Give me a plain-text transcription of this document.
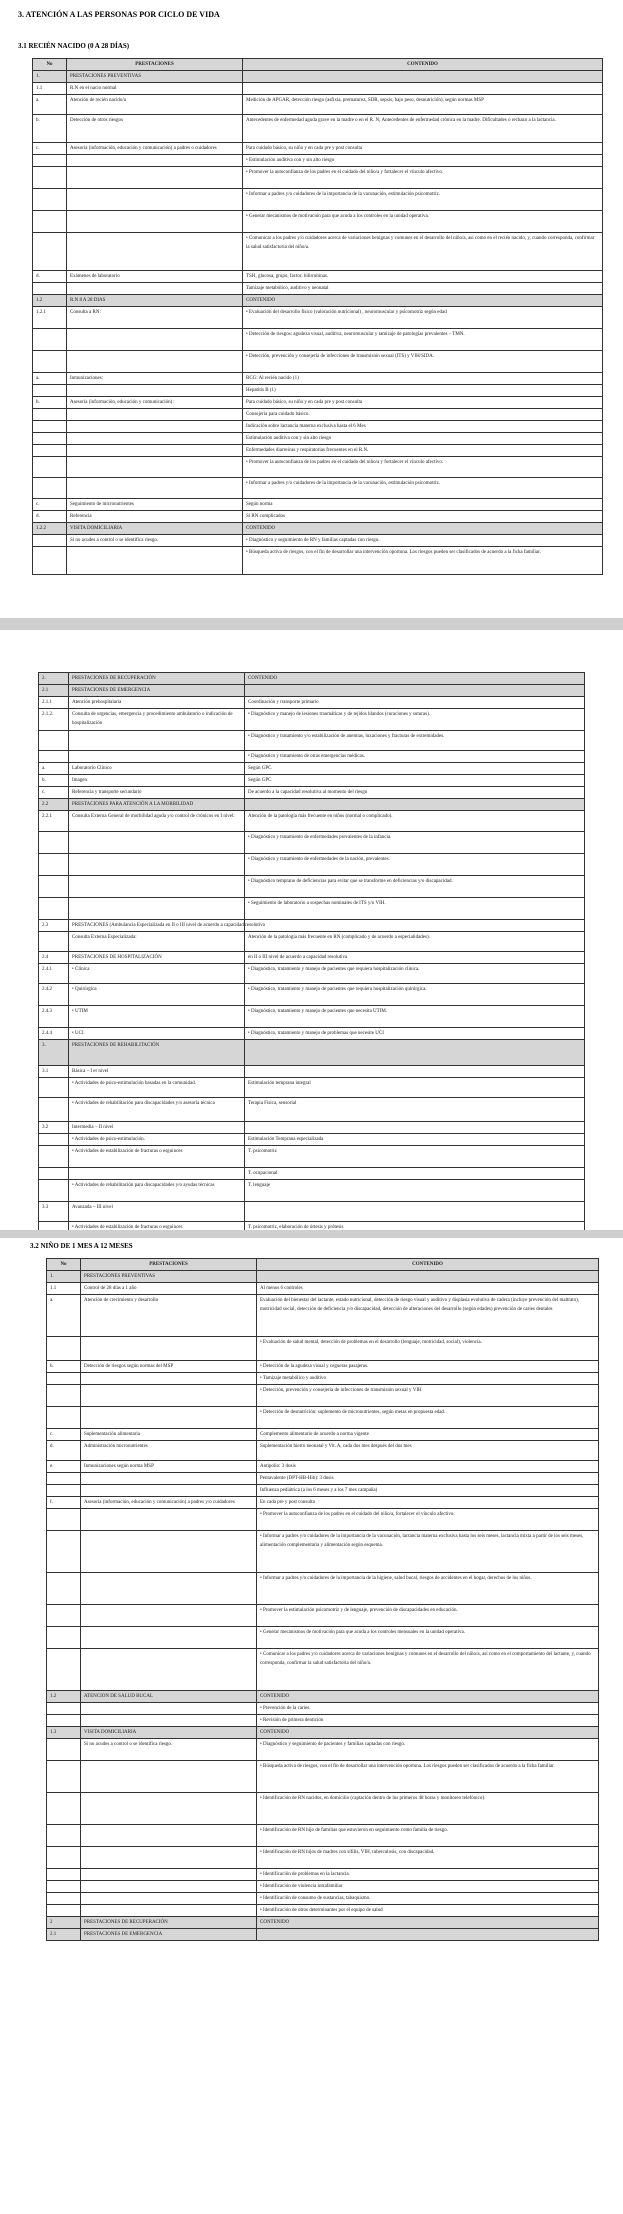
3. ATENCIÓN A LAS PERSONAS POR CICLO DE VIDA
3.1 RECIÉN NACIDO (0 A 28 DÍAS)
No	PRESTACIONES	CONTENIDO
1.	PRESTACIONES PREVENTIVAS	
1.1	R.N en el nacio normal	
a.	Atención de recién nacido/a	Medición de APGAR, detección riesgo (asfixia, prematurez, SDR, sepsis, bajo peso, desnutrición), según normas MSP
b.	Detección de otros riesgos	Antecedentes de enfermedad aguda grave en la madre o en el R. N; Antecedentes de enfermedad crónica en la madre. Dificultades o rechazo a la lactancia.
c.	Asesoría (información, educación y comunicación) a padres o cuidadores	Para cuidado básico, su niño y en cada pre y post consulta
		• Estimulación auditiva con y sin alto riesgo
		• Promover la autoconfianza de los padres en el cuidado del niño/a y fortalecer el vínculo afectivo.
		• Informar a padres y/o cuidadores de la importancia de la vacunación, estimulación psicomotriz.
		• Generar mecanismos de motivación para que acuda a los controles en la unidad operativa.
		• Comunicar a los padres y/o cuidadores acerca de variaciones benignas y comunes en el desarrollo del niño/a, así como en el recién nacido, y, cuando corresponda, confirmar la salud satisfactoria del niño/a.
d.	Exámenes de laboratorio	TSH, glucosa, grupo, factor, bilirrubinas.
		Tamizaje metabólico, auditivo y neonatal
1.2	R.N 8 A 28 DIAS	CONTENIDO
1.2.1	Consulta a RN:	• Evaluación del desarrollo físico (valoración nutricional) , neuromuscular y psicomotriz según edad
		• Detección de riesgos: agudeza visual, auditiva, neuromuscular y tamizaje de patologías prevalentes – TMN.
		• Detección, prevención y consejería de infecciones de transmisión sexual (ITS) y VIH/SIDA.
a.	Inmunizaciones:	BCG: Al recién nacido (1)
		Hepatitis B (1)
b.	Asesoría (información, educación y comunicación):	Para cuidado básico, su niño y en cada pre y post consulta
		Consejería para cuidado básico.
		Indicación sobre lactancia materna exclusiva hasta el 6 Mes
		Estimulación auditiva con y sin alto riesgo
		Enfermedades diarreicas y respiratorias frecuentes en el R.N.
		• Promover la autoconfianza de los padres en el cuidado del niño/a y fortalecer el vínculo afectivo.
		• Informar a padres y/o cuidadores de la importancia de la vacunación, estimulación psicomotriz.
c.	Seguimiento de micronutrientes	Según norma
d.	Referencia	Si RN complicados
1.2.2	VISITA DOMICILIARIA	CONTENIDO
	Si no acudes a control o se identifica riesgo.	• Diagnóstico y seguimiento de RN y familias captadas con riesgo.
		• Búsqueda activa de riesgos, con el fin de desarrollar una intervención oportuna. Los riesgos pueden ser clasificados de acuerdo a la ficha familiar.
2.	PRESTACIONES DE RECUPERACIÓN	CONTENIDO
2.1	PRESTACIONES DE EMERGENCIA	
2.1.1	Atención prehospitalaria	Coordinación y transporte primario
2.1.2.	Consulta de urgencias, emergencia y procedimiento ambulatorio o indicación de hospitalización	• Diagnóstico y manejo de lesiones traumáticas y de tejidos blandos (curaciones y suturas).
		• Diagnóstico y tratamiento y/o estabilización de anemias, luxaciones y fracturas de extremidades.
		• Diagnóstico y tratamiento de otras emergencias médicas.
a.	Laboratorio Clínico	Según GPC
b.	Imagen	Según GPC
c.	Referencia y transporte secundario	De acuerdo a la capacidad resolutiva al momento del riesgo
2.2	PRESTACIONES PARA ATENCIÓN A LA MORBILIDAD	
2.2.1	Consulta Externa General de morbilidad aguda y/o control de crónicos en I nivel:	Atención de la patología más frecuente en niños (normal o complicado).
		• Diagnóstico y tratamiento de enfermedades prevalentes de la infancia.
		• Diagnóstico y tratamiento de enfermedades de la nación, prevalentes.
		• Diagnóstico temprano de deficiencias para evitar que se transforme en deficiencias y/o discapacidad.
		• Seguimiento de laboratorio a sospechas nominales de ITS y/o VIH.
2.3	PRESTACIONES (Ambulancia Especializada en II o III nivel de acuerdo a capacidad resolutiva	
	Consulta Externa Especializada:	Atención de la patología más frecuente en RN (complicado y de acuerdo a especialidades).
2.4	PRESTACIONES DE HOSPITALIZACIÓN	en II o III nivel de acuerdo a capacidad resolutiva
2.4.1	• Clínica	• Diagnóstico, tratamiento y manejo de pacientes que requiera hospitalización clínica.
2.4.2	• Quirúrgica	• Diagnóstico, tratamiento y manejo de pacientes que requiera hospitalización quirúrgica.
2.4.3	• UTIM	• Diagnóstico, tratamiento y manejo de pacientes que necesita UTIM.
2.4.4	• UCI	• Diagnóstico, tratamiento y manejo de problemas que necesite UCI
3.	PRESTACIONES DE REHABILITACIÓN	
3.1	Básica – I er nivel	
	• Actividades de psico-estimulación basadas en la comunidad.	Estimulación temprana integral
	• Actividades de rehabilitación para discapacidades y/o asesoría técnica	Terapia Física, sensorial
3.2	Intermedia – II nivel	
	• Actividades de psico-estimulación.	Estimulación Temprana especializada
	• Actividades de estabilización de fracturas o esguinces	T. psicomotriz
		T. ocupacional
	• Actividades de rehabilitación para discapacidades y/o ayudas técnicas	T. lenguaje
3.3	Avanzada – III nivel	
	• Actividades de estabilización de fracturas o esguinces	T. psicomotriz, elaboración de órtesis y prótesis

3.2 NIÑO DE 1 MES A 12 MESES
No	PRESTACIONES	CONTENIDO
1.	PRESTACIONES PREVENTIVAS	
1.1	Control de 28 días a 1 año	Al menos 6 controles
a.	Atención de crecimiento y desarrollo	Evaluación del bienestar del lactante, estado nutricional, detección de riesgo visual y auditivo y displasia evolutiva de cadera (incluye prevención del maltrato), motricidad social, detección de deficiencia y/o discapacidad, detección de alteraciones del desarrollo (según edades) prevención de caries dentales
		• Evaluación de salud mental, detección de problemas en el desarrollo (lenguaje, motricidad, social), violencia.
b.	Detección de riesgos según normas del MSP	• Detección de la agudeza visual y cegueras pasajeras.
		• Tamizaje metabólico y auditivo
		• Detección, prevención y consejería de infecciones de transmisión sexual y VIH
		• Detección de desnutrición: suplemento de micronutrientes, según metas en propuesta edad.
c.	Suplementación alimentaria	Complemento alimentario de acuerdo a norma vigente
d.	Administración micronutrientes	Suplementación hierro neonatal y Vit. A, cada dos mes después del dos mes
e.	Inmunizaciones según norma MSP	Antipolio: 3 dosis
		Pentavalente (DPT-HB-Hib): 3 dosis
		Influenza pediátrica (a los 6 meses y a los 7 mes campaña)
f.	Asesoría (información, educación y comunicación) a padres y/o cuidadores	En cada pre y post consulta
		• Promover la autoconfianza de los padres en el cuidado del niño/a, fortalecer el vínculo afectivo.
		• Informar a padres y/o cuidadores de la importancia de la vacunación, lactancia materna exclusiva hasta los seis meses, lactancia mixta a partir de los seis meses, alimentación complementaria y alimentación según esquema.
		• Informar a padres y/o cuidadores de la importancia de la higiene, salud bucal, riesgos de accidentes en el hogar, derechos de los niños.
		• Promover la estimulación psicomotriz y de lenguaje, prevención de discapacidades en educación.
		• Generar mecanismos de motivación para que acuda a los controles mensuales en la unidad operativa.
		• Comunicar a los padres y/o cuidadores acerca de variaciones benignas y comunes en el desarrollo del niño/a, así como en el comportamiento del lactante, y, cuando corresponda, confirmar la salud satisfactoria del niño/a.
1.2	ATENCION DE SALUD BUCAL	CONTENIDO
		• Prevención de la caries.
		• Revisión de primera dentición
1.3	VISITA DOMICILIARIA	CONTENIDO
	Si no acudes a control o se identifica riesgo.	• Diagnóstico y seguimiento de pacientes y familias captadas con riesgo.
		• Búsqueda activa de riesgos, con el fin de desarrollar una intervención oportuna. Los riesgos pueden ser clasificados de acuerdo a la ficha familiar.
		• Identificación de RN nacidos, en domicilio (captación dentro de los primeros 48 horas y monitoreo telefónico).
		• Identificación de RN hijo de familias que estuvieron en seguimiento como familia de riesgo.
		• Identificación de RN hijos de madres con sífilis, VIH, tuberculosis, con discapacidad.
		• Identificación de problemas en la lactancia.
		• Identificación de violencia intrafamiliar
		• Identificación de consumo de sustancias, tabaquismo.
		• Identificación de otros determinantes por el equipo de salud
2	PRESTACIONES DE RECUPERACIÓN	CONTENIDO
2.1	PRESTACIONES DE EMERGENCIA	
